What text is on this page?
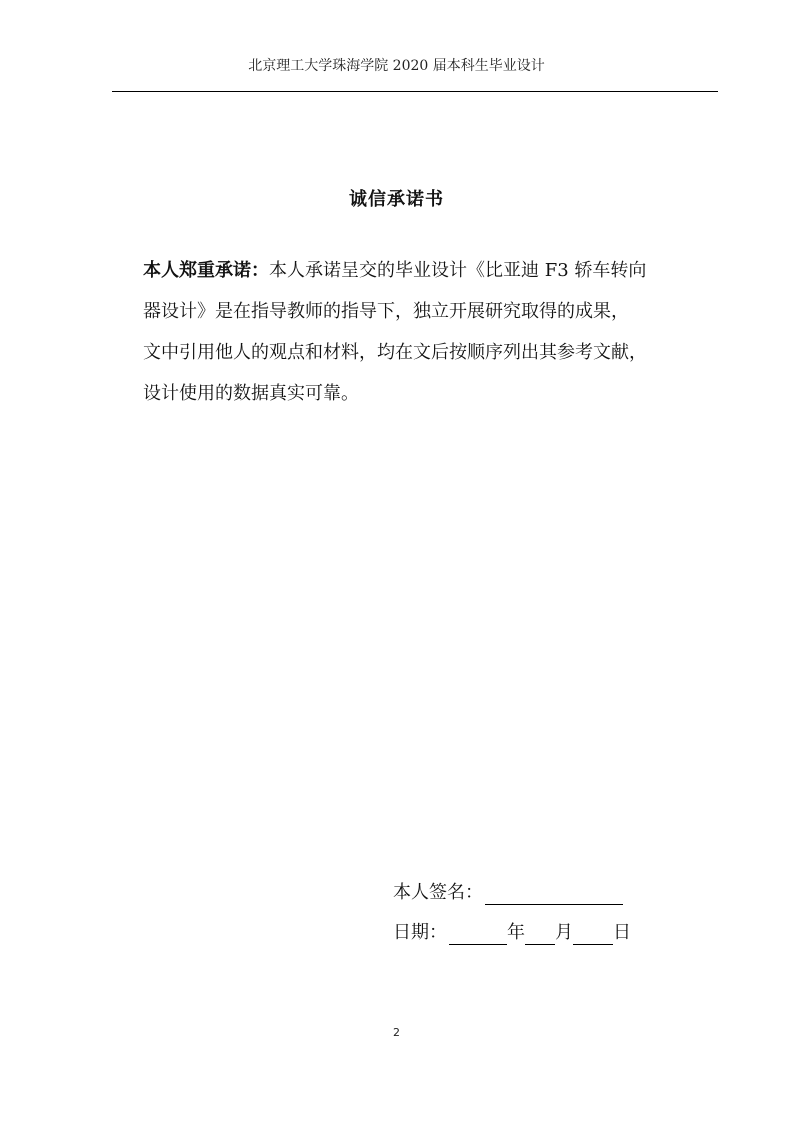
北京理工大学珠海学院 2020 届本科生毕业设计
诚信承诺书
本人郑重承诺：本人承诺呈交的毕业设计《比亚迪 F3 轿车转向
器设计》是在指导教师的指导下，独立开展研究取得的成果，
文中引用他人的观点和材料，均在文后按顺序列出其参考文献，
设计使用的数据真实可靠。
本人签名：
日期：	年 月 日
2
